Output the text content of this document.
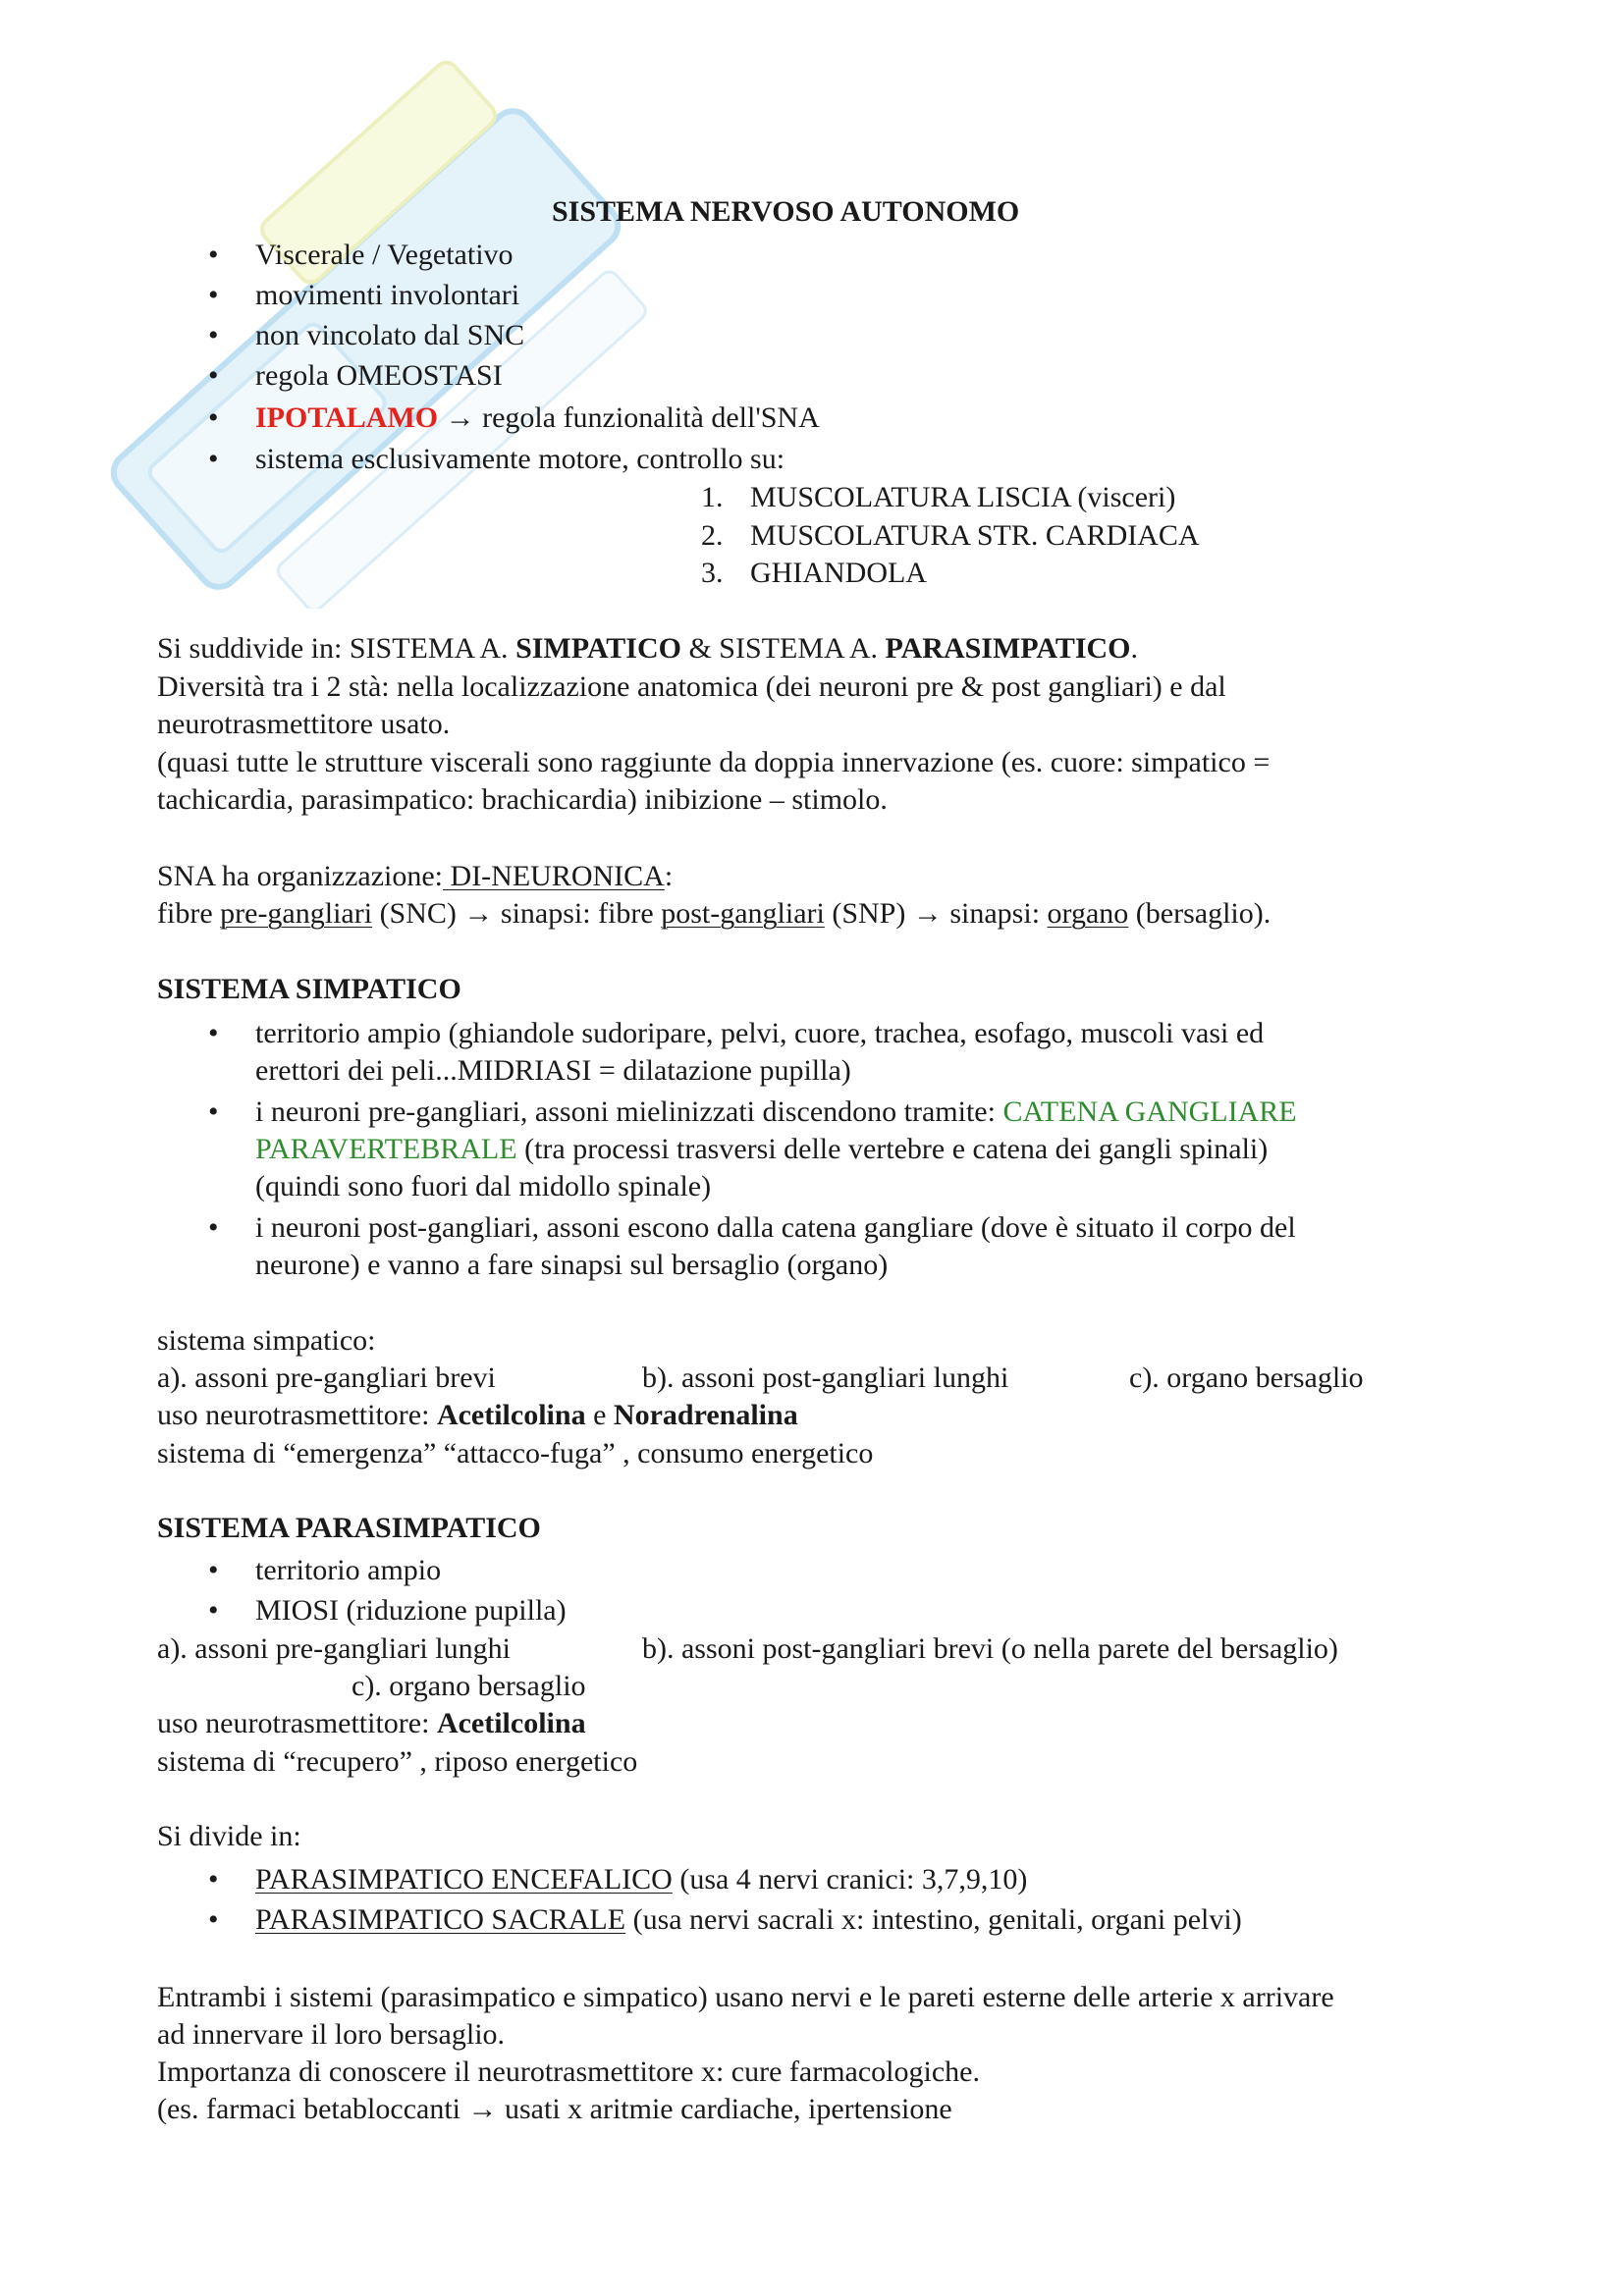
SISTEMA NERVOSO AUTONOMO
• Viscerale / Vegetativo
• movimenti involontari
• non vincolato dal SNC
• regola OMEOSTASI
• IPOTALAMO → regola funzionalità dell'SNA
• sistema esclusivamente motore, controllo su:
1. MUSCOLATURA LISCIA (visceri)
2. MUSCOLATURA STR. CARDIACA
3. GHIANDOLA
Si suddivide in: SISTEMA A. SIMPATICO & SISTEMA A. PARASIMPATICO.
Diversità tra i 2 stà: nella localizzazione anatomica (dei neuroni pre & post gangliari) e dal
neurotrasmettitore usato.
(quasi tutte le strutture viscerali sono raggiunte da doppia innervazione (es. cuore: simpatico =
tachicardia, parasimpatico: brachicardia) inibizione – stimolo.
SNA ha organizzazione: DI-NEURONICA:
fibre pre-gangliari (SNC) → sinapsi: fibre post-gangliari (SNP) → sinapsi: organo (bersaglio).
SISTEMA SIMPATICO
• territorio ampio (ghiandole sudoripare, pelvi, cuore, trachea, esofago, muscoli vasi ed
erettori dei peli...MIDRIASI = dilatazione pupilla)
• i neuroni pre-gangliari, assoni mielinizzati discendono tramite: CATENA GANGLIARE
PARAVERTEBRALE (tra processi trasversi delle vertebre e catena dei gangli spinali)
(quindi sono fuori dal midollo spinale)
• i neuroni post-gangliari, assoni escono dalla catena gangliare (dove è situato il corpo del
neurone) e vanno a fare sinapsi sul bersaglio (organo)
sistema simpatico:
a). assoni pre-gangliari brevi	b). assoni post-gangliari lunghi	c). organo bersaglio
uso neurotrasmettitore: Acetilcolina e Noradrenalina
sistema di “emergenza” “attacco-fuga” , consumo energetico
SISTEMA PARASIMPATICO
• territorio ampio
• MIOSI (riduzione pupilla)
a). assoni pre-gangliari lunghi	b). assoni post-gangliari brevi (o nella parete del bersaglio)
c). organo bersaglio
uso neurotrasmettitore: Acetilcolina
sistema di “recupero” , riposo energetico
Si divide in:
• PARASIMPATICO ENCEFALICO (usa 4 nervi cranici: 3,7,9,10)
• PARASIMPATICO SACRALE (usa nervi sacrali x: intestino, genitali, organi pelvi)
Entrambi i sistemi (parasimpatico e simpatico) usano nervi e le pareti esterne delle arterie x arrivare
ad innervare il loro bersaglio.
Importanza di conoscere il neurotrasmettitore x: cure farmacologiche.
(es. farmaci betabloccanti → usati x aritmie cardiache, ipertensione
